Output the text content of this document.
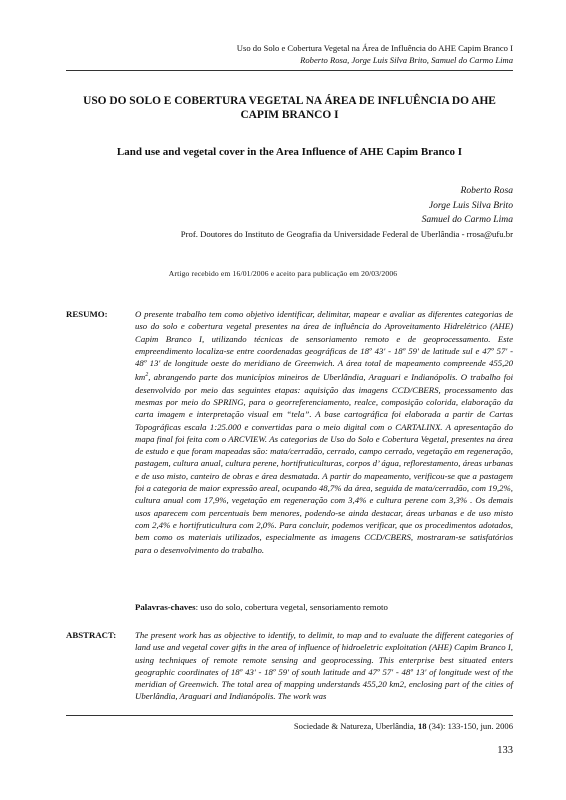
Uso do Solo e Cobertura Vegetal na Área de Influência do AHE Capim Branco I
Roberto Rosa, Jorge Luis Silva Brito, Samuel do Carmo Lima
USO DO SOLO E COBERTURA VEGETAL NA ÁREA DE INFLUÊNCIA DO AHE
CAPIM BRANCO I
Land use and vegetal cover in the Area Influence of AHE Capim Branco I
Roberto Rosa
Jorge Luis Silva Brito
Samuel do Carmo Lima
Prof. Doutores do Instituto de Geografia da Universidade Federal de Uberlândia - rrosa@ufu.br
Artigo recebido em 16/01/2006 e aceito para publicação em 20/03/2006
RESUMO:	O presente trabalho tem como objetivo identificar, delimitar, mapear e avaliar as diferentes categorias de uso do solo e cobertura vegetal presentes na área de influência do Aproveitamento Hidrelétrico (AHE) Capim Branco I, utilizando técnicas de sensoriamento remoto e de geoprocessamento. Este empreendimento localiza-se entre coordenadas geográficas de 18º 43' - 18º 59' de latitude sul e 47º 57' - 48º 13' de longitude oeste do meridiano de Greenwich. A área total de mapeamento compreende 455,20 $km^2$, abrangendo parte dos municípios mineiros de Uberlândia, Araguari e Indianópolis. O trabalho foi desenvolvido por meio das seguintes etapas: aquisição das imagens CCD/CBERS, processamento das mesmas por meio do SPRING, para o georreferenciamento, realce, composição colorida, elaboração da carta imagem e interpretação visual em “tela”. A base cartográfica foi elaborada a partir de Cartas Topográficas escala 1:25.000 e convertidas para o meio digital com o CARTALINX. A apresentação do mapa final foi feita com o ARCVIEW. As categorias de Uso do Solo e Cobertura Vegetal, presentes na área de estudo e que foram mapeadas são: mata/cerradão, cerrado, campo cerrado, vegetação em regeneração, pastagem, cultura anual, cultura perene, hortifruticulturas, corpos d’ água, reflorestamento, áreas urbanas e de uso misto, canteiro de obras e área desmatada. A partir do mapeamento, verificou-se que a pastagem foi a categoria de maior expressão areal, ocupando 48,7% da área, seguida de mata/cerradão, com 19,2%, cultura anual com 17,9%, vegetação em regeneração com 3,4% e cultura perene com 3,3% . Os demais usos aparecem com percentuais bem menores, podendo-se ainda destacar, áreas urbanas e de uso misto com 2,4% e hortifruticultura com 2,0%. Para concluir, podemos verificar, que os procedimentos adotados, bem como os materiais utilizados, especialmente as imagens CCD/CBERS, mostraram-se satisfatórios para o desenvolvimento do trabalho.
Palavras-chaves: uso do solo, cobertura vegetal, sensoriamento remoto
ABSTRACT: The present work has as objective to identify, to delimit, to map and to evaluate the different categories of land use and vegetal cover gifts in the area of influence of hidroeletric exploitation (AHE) Capim Branco I, using techniques of remote remote sensing and geoprocessing. This enterprise best situated enters geographic coordinates of 18º 43' - 18º 59' of south latitude and 47º 57' - 48º 13' of longitude west of the meridian of Greenwich. The total area of mapping understands 455,20 km2, enclosing part of the cities of Uberlândia, Araguari and Indianópolis. The work was
Sociedade & Natureza, Uberlândia, 18 (34): 133-150, jun. 2006
133
